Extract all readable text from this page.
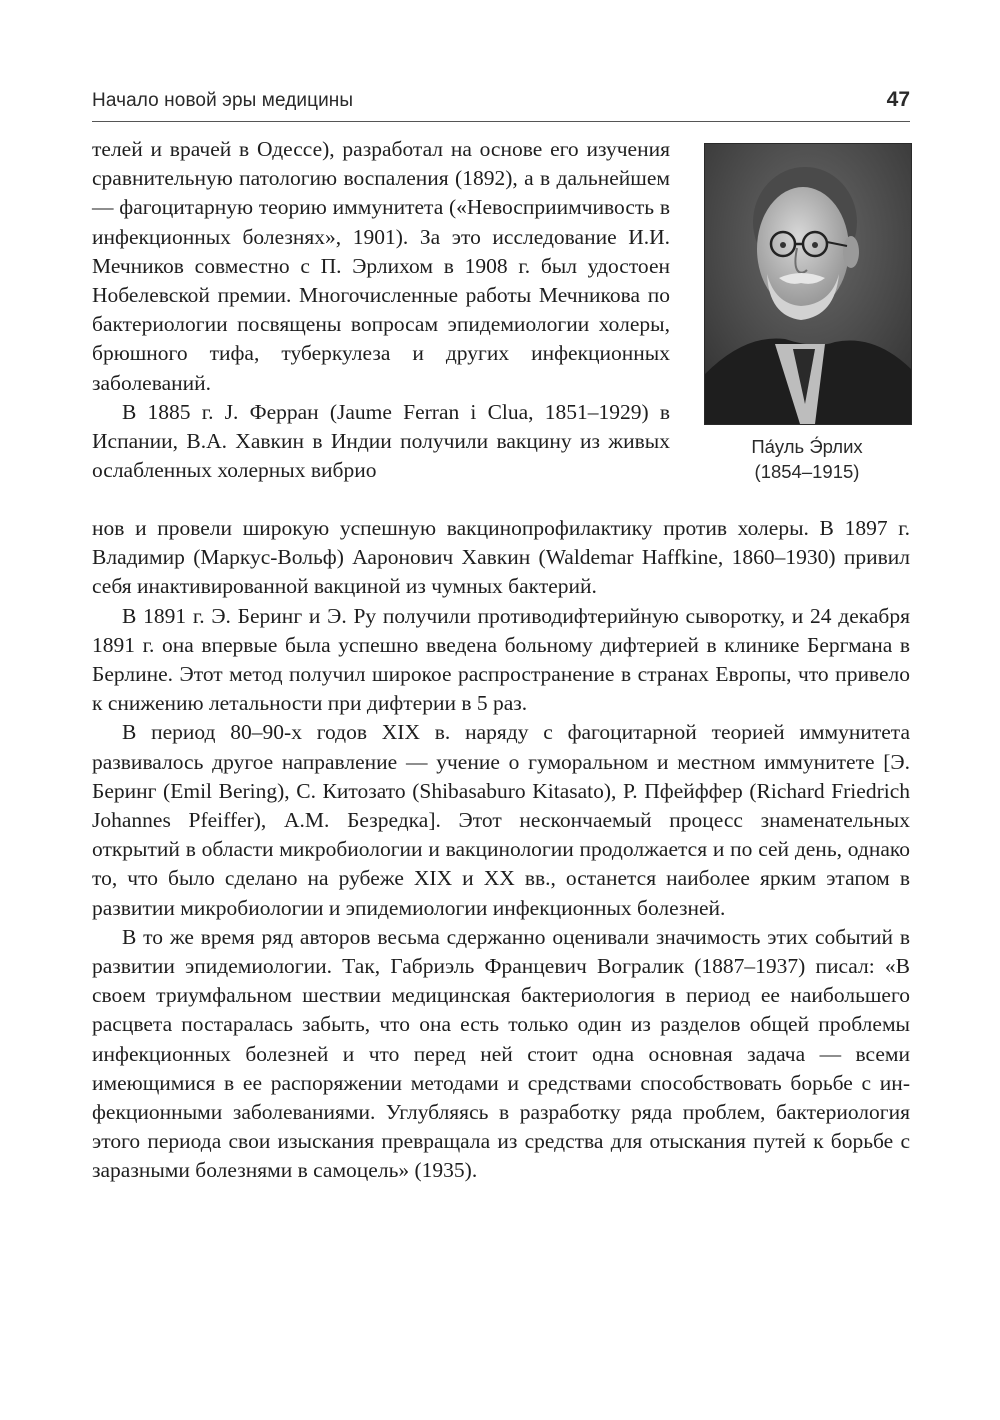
Начало новой эры медицины	47

телей и врачей в Одессе), разработал на основе его изучения сравнительную патологию воспаления (1892), а в дальнейшем — фагоцитарную теорию иммунитета («Невосприимчивость в инфекционных болезнях», 1901). За это исследование И.И. Мечников совместно с П. Эрлихом в 1908 г. был удостоен Нобелевской премии. Многочисленные работы Мечникова по бактериологии посвящены вопросам эпидемиологии холеры, брюшного тифа, туберкулеза и других инфекционных заболеваний.

В 1885 г. J. Ферран (Jaume Ferran i Clua, 1851–1929) в Испании, В.А. Хавкин в Индии получили вакцину из живых ослабленных холерных вибрио

Па́уль Э́рлих
(1854–1915)

нов и провели широкую успешную вакцинопрофилактику против холеры. В 1897 г. Владимир (Маркус-Вольф) Ааронович Хавкин (Waldemar Haffkine, 1860–1930) привил себя инактивированной вакциной из чумных бактерий.

В 1891 г. Э. Беринг и Э. Ру получили противодифтерийную сыворотку, и 24 декабря 1891 г. она впервые была успешно введена больному дифтерией в клинике Бергмана в Берлине. Этот метод получил широкое распространение в странах Европы, что привело к снижению летальности при дифтерии в 5 раз.

В период 80–90-х годов XIX в. наряду с фагоцитарной теорией иммунитета развивалось другое направление — учение о гуморальном и местном иммунитете [Э. Беринг (Emil Bering), С. Китозато (Shibasaburo Kitasato), Р. Пфейффер (Richard Friedrich Johannes Pfeiffer), А.М. Безредка]. Этот нескончаемый процесс знаменательных открытий в области микробиологии и вакцинологии продолжается и по сей день, однако то, что было сделано на рубеже XIX и XX вв., останется наиболее ярким этапом в развитии микробиологии и эпидемиологии инфекционных болезней.

В то же время ряд авторов весьма сдержанно оценивали значимость этих событий в развитии эпидемиологии. Так, Габриэль Францевич Вогралик (1887–1937) писал: «В своем триумфальном шествии медицинская бактериология в период ее наибольшего расцвета постаралась забыть, что она есть только один из разделов общей проблемы инфекционных болезней и что перед ней стоит одна основная задача — всеми имеющимися в ее распоряжении методами и средствами способствовать борьбе с инфекционными заболеваниями. Углубляясь в разработку ряда проблем, бактериология этого периода свои изыскания превращала из средства для отыскания путей к борьбе с заразными болезнями в самоцель» (1935).
